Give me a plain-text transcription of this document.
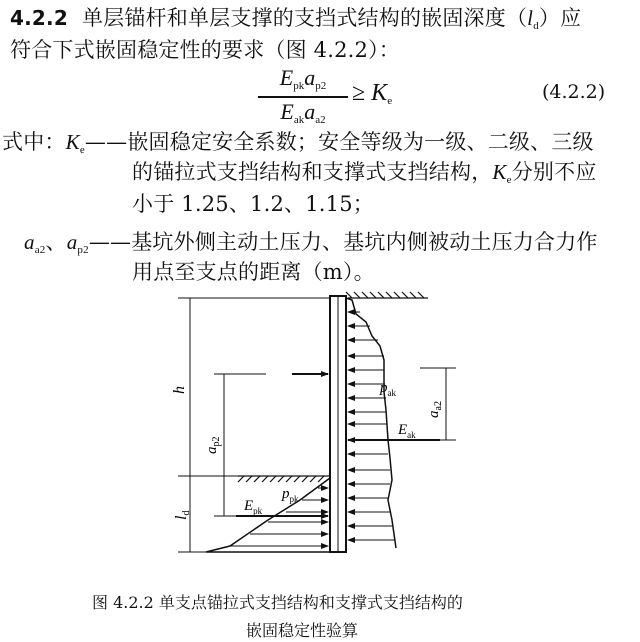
4.2.2 单层锚杆和单层支撑的支挡式结构的嵌固深度（ld）应
符合下式嵌固稳定性的要求（图 4.2.2）：
Epkap2
Eakaa2
≥ Ke	(4.2.2)
式中：Ke——嵌固稳定安全系数；安全等级为一级、二级、三级
的锚拉式支挡结构和支撑式支挡结构，Ke分别不应
小于 1.25、1.2、1.15；
aa2、ap2——基坑外侧主动土压力、基坑内侧被动土压力合力作
用点至支点的距离（m）。
h
ld
$a_{p2}$
$a_{a2}$
$p_{ak}$
$E_{ak}$
$p_{pk}$
$E_{pk}$
图 4.2.2 单支点锚拉式支挡结构和支撑式支挡结构的
嵌固稳定性验算
